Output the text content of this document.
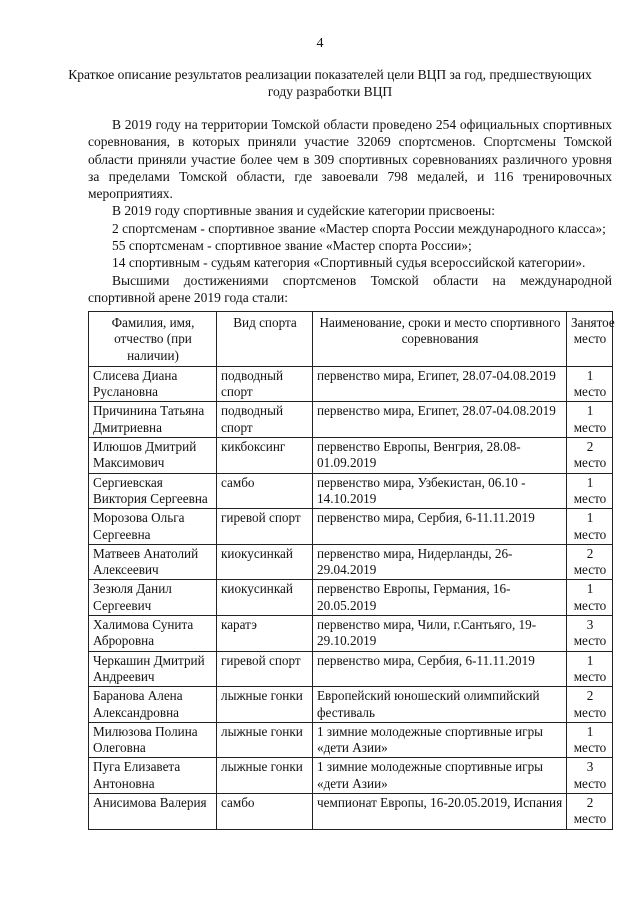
4
Краткое описание результатов реализации показателей цели ВЦП за год, предшествующих году разработки ВЦП

В 2019 году на территории Томской области проведено 254 официальных спортивных соревнования, в которых приняли участие 32069 спортсменов. Спортсмены Томской области приняли участие более чем в 309 спортивных соревнованиях различного уровня за пределами Томской области, где завоевали 798 медалей, и 116 тренировочных мероприятиях.

В 2019 году спортивные звания и судейские категории присвоены:

2 спортсменам - спортивное звание «Мастер спорта России международного класса»;

55 спортсменам - спортивное звание «Мастер спорта России»;

14 спортивным - судьям категория «Спортивный судья всероссийской категории».

Высшими достижениями спортсменов Томской области на международной спортивной арене 2019 года стали:

Фамилия, имя, отчество (при наличии)	Вид спорта	Наименование, сроки и место спортивного соревнования	Занятое место
Слисева Диана Руслановна	подводный спорт	первенство мира, Египет, 28.07-04.08.2019	1 место
Причинина Татьяна Дмитриевна	подводный спорт	первенство мира, Египет, 28.07-04.08.2019	1 место
Илюшов Дмитрий Максимович	кикбоксинг	первенство Европы, Венгрия, 28.08-01.09.2019	2 место
Сергиевская Виктория Сергеевна	самбо	первенство мира, Узбекистан, 06.10 - 14.10.2019	1 место
Морозова Ольга Сергеевна	гиревой спорт	первенство мира, Сербия, 6-11.11.2019	1 место
Матвеев Анатолий Алексеевич	киокусинкай	первенство мира, Нидерланды, 26-29.04.2019	2 место
Зезюля Данил Сергеевич	киокусинкай	первенство Европы, Германия, 16-20.05.2019	1 место
Халимова Сунита Аброровна	каратэ	первенство мира, Чили, г.Сантьяго, 19-29.10.2019	3 место
Черкашин Дмитрий Андреевич	гиревой спорт	первенство мира, Сербия, 6-11.11.2019	1 место
Баранова Алена Александровна	лыжные гонки	Европейский юношеский олимпийский фестиваль	2 место
Милюзова Полина Олеговна	лыжные гонки	1 зимние молодежные спортивные игры «дети Азии»	1 место
Пуга Елизавета Антоновна	лыжные гонки	1 зимние молодежные спортивные игры «дети Азии»	3 место
Анисимова Валерия	самбо	чемпионат Европы, 16-20.05.2019, Испания	2 место
